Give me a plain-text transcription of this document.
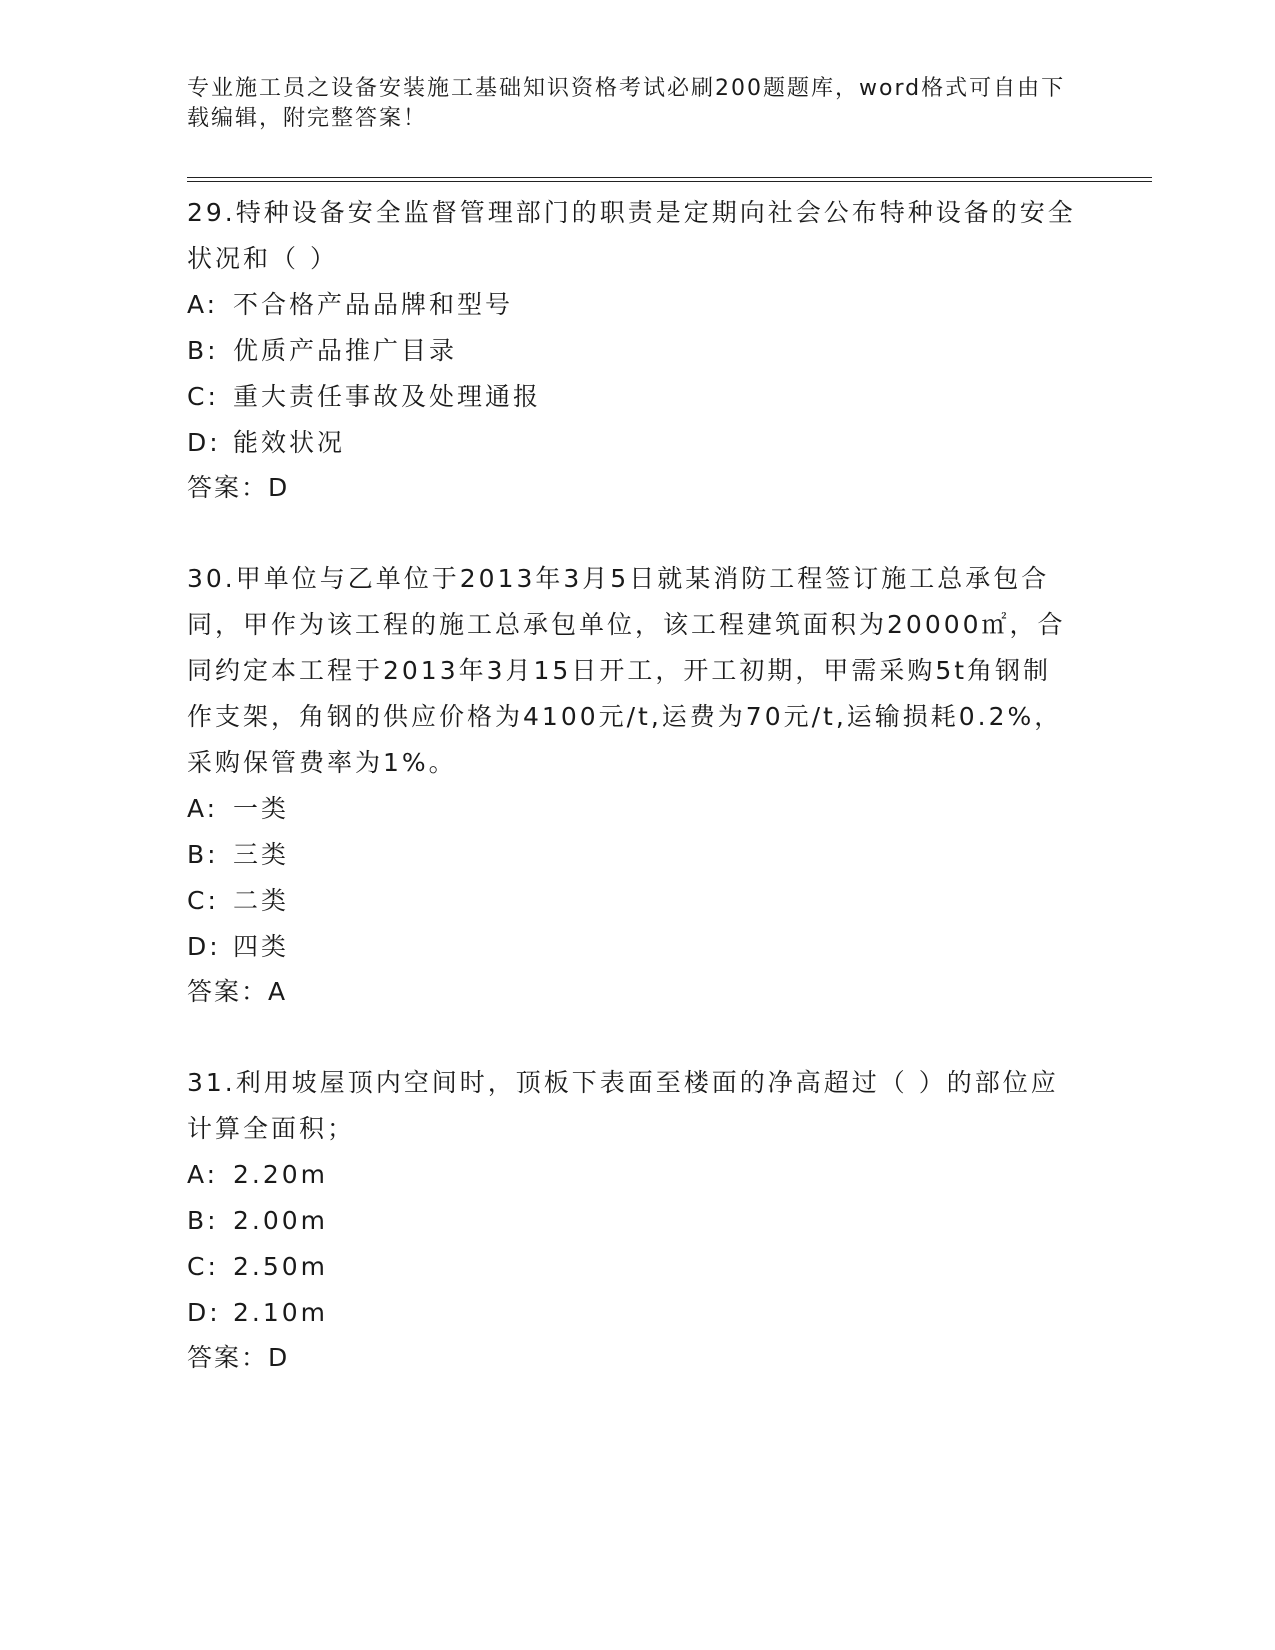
专业施工员之设备安装施工基础知识资格考试必刷200题题库，word格式可自由下载编辑，附完整答案！
29.特种设备安全监督管理部门的职责是定期向社会公布特种设备的安全状况和（ ）
A: 不合格产品品牌和型号
B: 优质产品推广目录
C: 重大责任事故及处理通报
D: 能效状况
答案：D
30.甲单位与乙单位于2013年3月5日就某消防工程签订施工总承包合同，甲作为该工程的施工总承包单位，该工程建筑面积为20000㎡，合同约定本工程于2013年3月15日开工，开工初期，甲需采购5t角钢制作支架，角钢的供应价格为4100元/t,运费为70元/t,运输损耗0.2%，采购保管费率为1%。
A: 一类
B: 三类
C: 二类
D: 四类
答案：A
31.利用坡屋顶内空间时，顶板下表面至楼面的净高超过（ ）的部位应计算全面积；
A: 2.20m
B: 2.00m
C: 2.50m
D: 2.10m
答案：D
